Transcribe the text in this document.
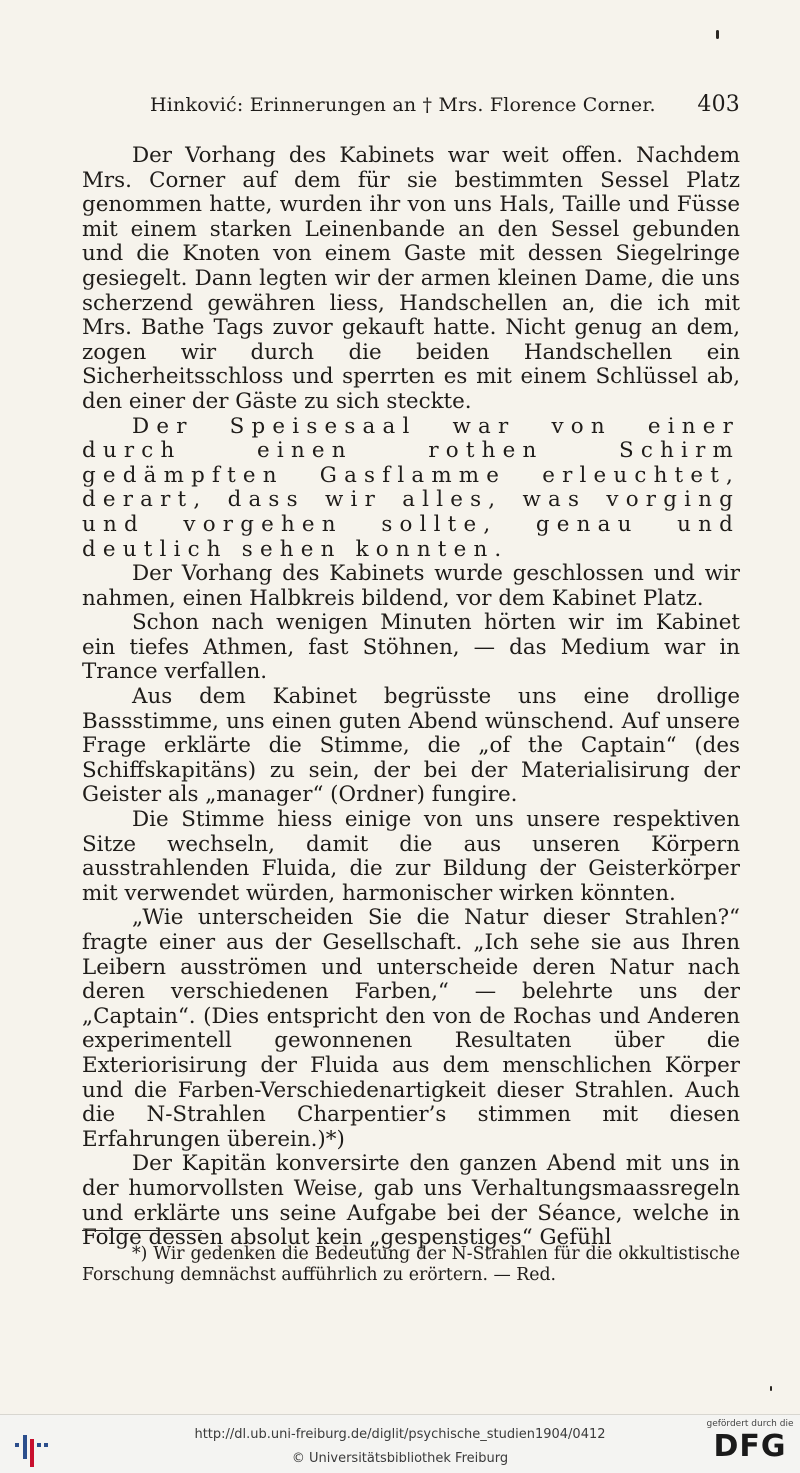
Hinković: Erinnerungen an † Mrs. Florence Corner. 403

Der Vorhang des Kabinets war weit offen. Nachdem Mrs. Corner auf dem für sie bestimmten Sessel Platz genommen hatte, wurden ihr von uns Hals, Taille und Füsse mit einem starken Leinenbande an den Sessel gebunden und die Knoten von einem Gaste mit dessen Siegelringe gesiegelt. Dann legten wir der armen kleinen Dame, die uns scherzend gewähren liess, Handschellen an, die ich mit Mrs. Bathe Tags zuvor gekauft hatte. Nicht genug an dem, zogen wir durch die beiden Handschellen ein Sicherheitsschloss und sperrten es mit einem Schlüssel ab, den einer der Gäste zu sich steckte.

Der Speisesaal war von einer durch einen rothen Schirm gedämpften Gasflamme erleuchtet, derart, dass wir alles, was vorging und vorgehen sollte, genau und deutlich sehen konnten.

Der Vorhang des Kabinets wurde geschlossen und wir nahmen, einen Halbkreis bildend, vor dem Kabinet Platz.

Schon nach wenigen Minuten hörten wir im Kabinet ein tiefes Athmen, fast Stöhnen, — das Medium war in Trance verfallen.

Aus dem Kabinet begrüsste uns eine drollige Bassstimme, uns einen guten Abend wünschend. Auf unsere Frage erklärte die Stimme, die „of the Captain“ (des Schiffskapitäns) zu sein, der bei der Materialisirung der Geister als „manager“ (Ordner) fungire.

Die Stimme hiess einige von uns unsere respektiven Sitze wechseln, damit die aus unseren Körpern ausstrahlenden Fluida, die zur Bildung der Geisterkörper mit verwendet würden, harmonischer wirken könnten.

„Wie unterscheiden Sie die Natur dieser Strahlen?“ fragte einer aus der Gesellschaft. „Ich sehe sie aus Ihren Leibern ausströmen und unterscheide deren Natur nach deren verschiedenen Farben,“ — belehrte uns der „Captain“. (Dies entspricht den von de Rochas und Anderen experimentell gewonnenen Resultaten über die Exteriorisirung der Fluida aus dem menschlichen Körper und die Farben-Verschiedenartigkeit dieser Strahlen. Auch die N-Strahlen Charpentier’s stimmen mit diesen Erfahrungen überein.)*)

Der Kapitän konversirte den ganzen Abend mit uns in der humorvollsten Weise, gab uns Verhaltungsmaassregeln und erklärte uns seine Aufgabe bei der Séance, welche in Folge dessen absolut kein „gespenstiges“ Gefühl

*) Wir gedenken die Bedeutung der N-Strahlen für die okkultistische Forschung demnächst aufführlich zu erörtern. — Red.

http://dl.ub.uni-freiburg.de/diglit/psychische_studien1904/0412
© Universitätsbibliothek Freiburg
gefördert durch die
DFG
